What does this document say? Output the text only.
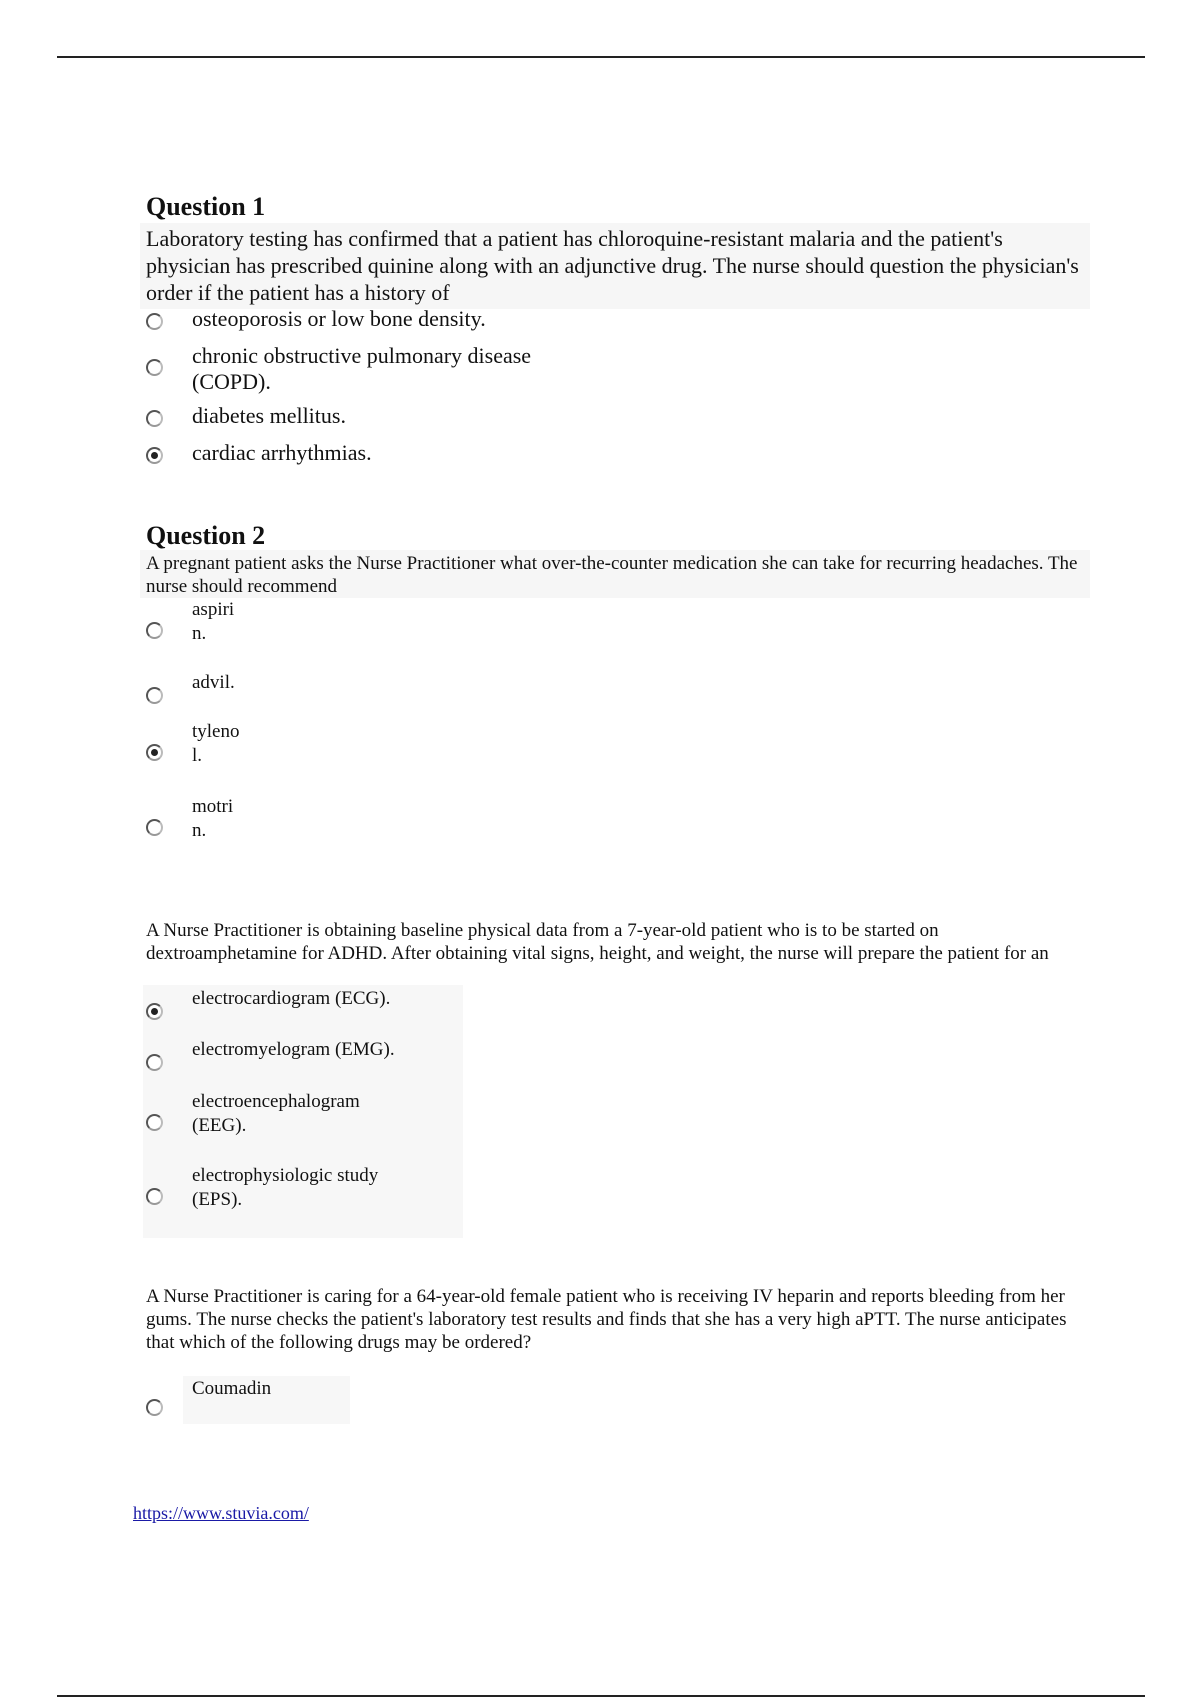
Question 1

Laboratory testing has confirmed that a patient has chloroquine-resistant malaria and the patient's physician has prescribed quinine along with an adjunctive drug. The nurse should question the physician's order if the patient has a history of

osteoporosis or low bone density.
chronic obstructive pulmonary disease
(COPD).
diabetes mellitus.
cardiac arrhythmias.
Question 2

A pregnant patient asks the Nurse Practitioner what over-the-counter medication she can take for recurring headaches. The nurse should recommend

aspiri
n.
advil.
tyleno
l.
motri
n.

A Nurse Practitioner is obtaining baseline physical data from a 7-year-old patient who is to be started on dextroamphetamine for ADHD. After obtaining vital signs, height, and weight, the nurse will prepare the patient for an

electrocardiogram (ECG).
electromyelogram (EMG).
electroencephalogram
(EEG).
electrophysiologic study
(EPS).

A Nurse Practitioner is caring for a 64-year-old female patient who is receiving IV heparin and reports bleeding from her gums. The nurse checks the patient's laboratory test results and finds that she has a very high aPTT. The nurse anticipates that which of the following drugs may be ordered?

Coumadin
https://www.stuvia.com/
